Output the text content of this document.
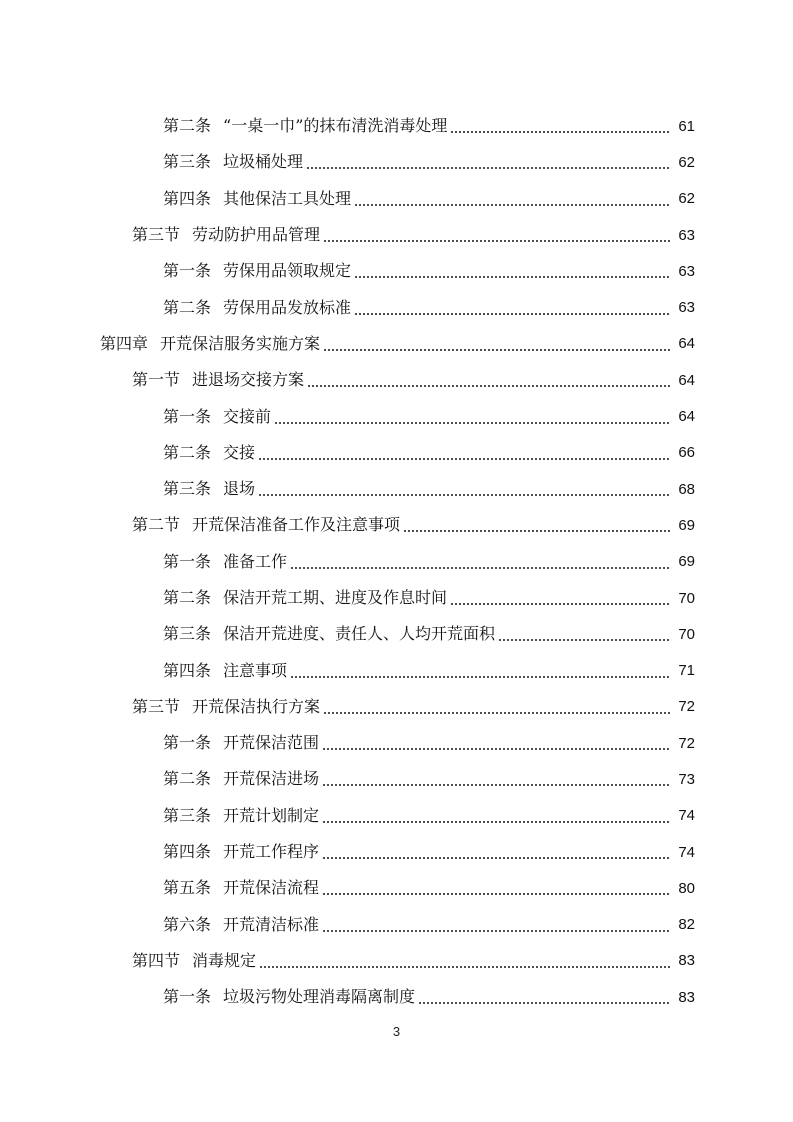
第二条 “一桌一巾”的抹布清洗消毒处理	61
第三条 垃圾桶处理	62
第四条 其他保洁工具处理	62
第三节 劳动防护用品管理	63
第一条 劳保用品领取规定	63
第二条 劳保用品发放标准	63
第四章 开荒保洁服务实施方案	64
第一节 进退场交接方案	64
第一条 交接前	64
第二条 交接	66
第三条 退场	68
第二节 开荒保洁准备工作及注意事项	69
第一条 准备工作	69
第二条 保洁开荒工期、进度及作息时间	70
第三条 保洁开荒进度、责任人、人均开荒面积	70
第四条 注意事项	71
第三节 开荒保洁执行方案	72
第一条 开荒保洁范围	72
第二条 开荒保洁进场	73
第三条 开荒计划制定	74
第四条 开荒工作程序	74
第五条 开荒保洁流程	80
第六条 开荒清洁标准	82
第四节 消毒规定	83
第一条 垃圾污物处理消毒隔离制度	83
3
